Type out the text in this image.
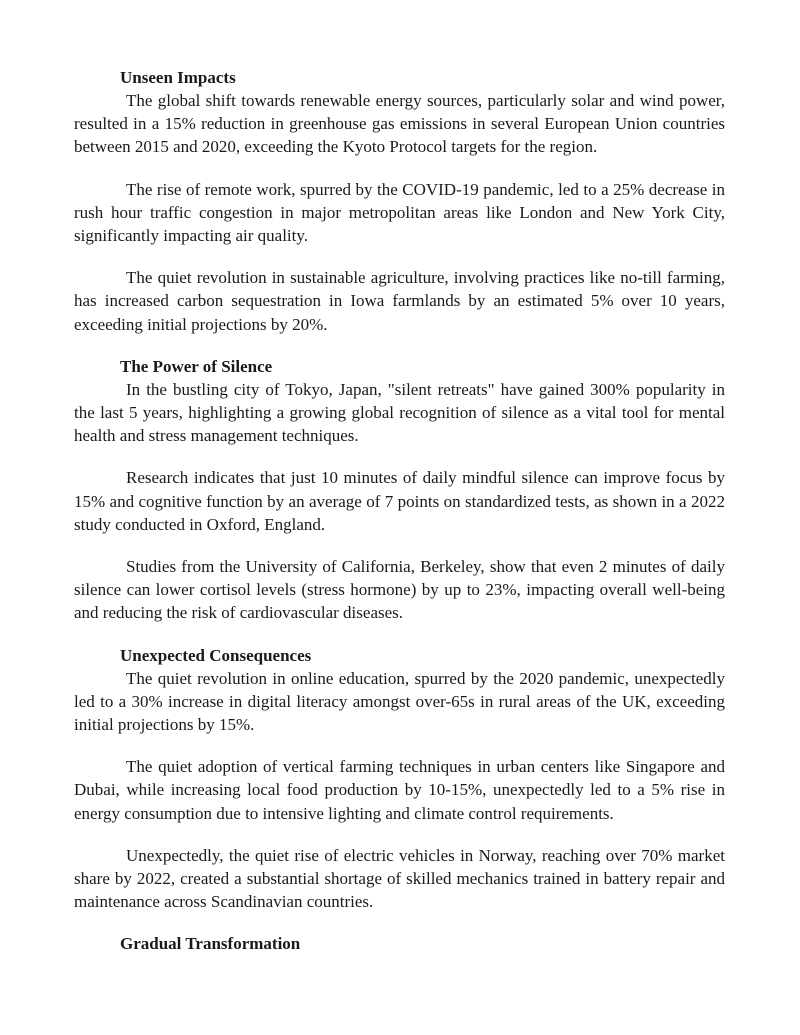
Unseen Impacts

The global shift towards renewable energy sources, particularly solar and wind power, resulted in a 15% reduction in greenhouse gas emissions in several European Union countries between 2015 and 2020, exceeding the Kyoto Protocol targets for the region.

The rise of remote work, spurred by the COVID-19 pandemic, led to a 25% decrease in rush hour traffic congestion in major metropolitan areas like London and New York City, significantly impacting air quality.

The quiet revolution in sustainable agriculture, involving practices like no-till farming, has increased carbon sequestration in Iowa farmlands by an estimated 5% over 10 years, exceeding initial projections by 20%.

The Power of Silence

In the bustling city of Tokyo, Japan, "silent retreats" have gained 300% popularity in the last 5 years, highlighting a growing global recognition of silence as a vital tool for mental health and stress management techniques.

Research indicates that just 10 minutes of daily mindful silence can improve focus by 15% and cognitive function by an average of 7 points on standardized tests, as shown in a 2022 study conducted in Oxford, England.

Studies from the University of California, Berkeley, show that even 2 minutes of daily silence can lower cortisol levels (stress hormone) by up to 23%, impacting overall well-being and reducing the risk of cardiovascular diseases.

Unexpected Consequences

The quiet revolution in online education, spurred by the 2020 pandemic, unexpectedly led to a 30% increase in digital literacy amongst over-65s in rural areas of the UK, exceeding initial projections by 15%.

The quiet adoption of vertical farming techniques in urban centers like Singapore and Dubai, while increasing local food production by 10-15%, unexpectedly led to a 5% rise in energy consumption due to intensive lighting and climate control requirements.

Unexpectedly, the quiet rise of electric vehicles in Norway, reaching over 70% market share by 2022, created a substantial shortage of skilled mechanics trained in battery repair and maintenance across Scandinavian countries.

Gradual Transformation
